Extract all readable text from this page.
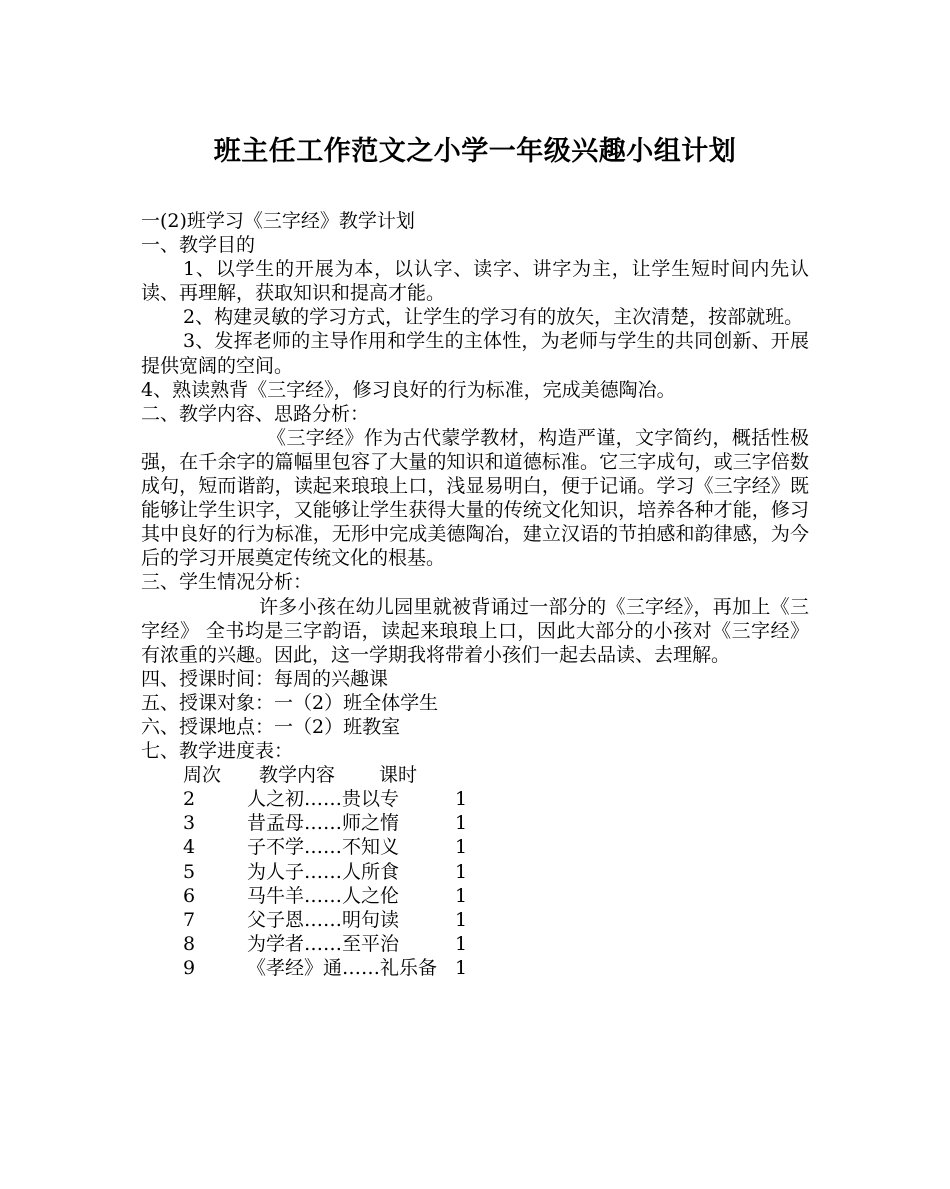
班主任工作范文之小学一年级兴趣小组计划

一(2)班学习《三字经》教学计划

一、教学目的

1、以学生的开展为本，以认字、读字、讲字为主，让学生短时间内先认读、再理解，获取知识和提高才能。

2、构建灵敏的学习方式，让学生的学习有的放矢，主次清楚，按部就班。

3、发挥老师的主导作用和学生的主体性，为老师与学生的共同创新、开展提供宽阔的空间。

4、熟读熟背《三字经》，修习良好的行为标准，完成美德陶冶。

二、教学内容、思路分析：

《三字经》作为古代蒙学教材，构造严谨，文字简约，概括性极强，在千余字的篇幅里包容了大量的知识和道德标准。它三字成句，或三字倍数成句，短而谐韵，读起来琅琅上口，浅显易明白，便于记诵。学习《三字经》既能够让学生识字，又能够让学生获得大量的传统文化知识，培养各种才能，修习其中良好的行为标准，无形中完成美德陶冶，建立汉语的节拍感和韵律感，为今后的学习开展奠定传统文化的根基。

三、学生情况分析：

许多小孩在幼儿园里就被背诵过一部分的《三字经》，再加上《三字经》 全书均是三字韵语，读起来琅琅上口，因此大部分的小孩对《三字经》有浓重的兴趣。因此，这一学期我将带着小孩们一起去品读、去理解。

四、授课时间：每周的兴趣课

五、授课对象：一（2）班全体学生

六、授课地点：一（2）班教室

七、教学进度表：

周次	教学内容	课时
2	人之初……贵以专	1
3	昔孟母……师之惰	1
4	子不学……不知义	1
5	为人子……人所食	1
6	马牛羊……人之伦	1
7	父子恩……明句读	1
8	为学者……至平治	1
9	《孝经》通……礼乐备 1
